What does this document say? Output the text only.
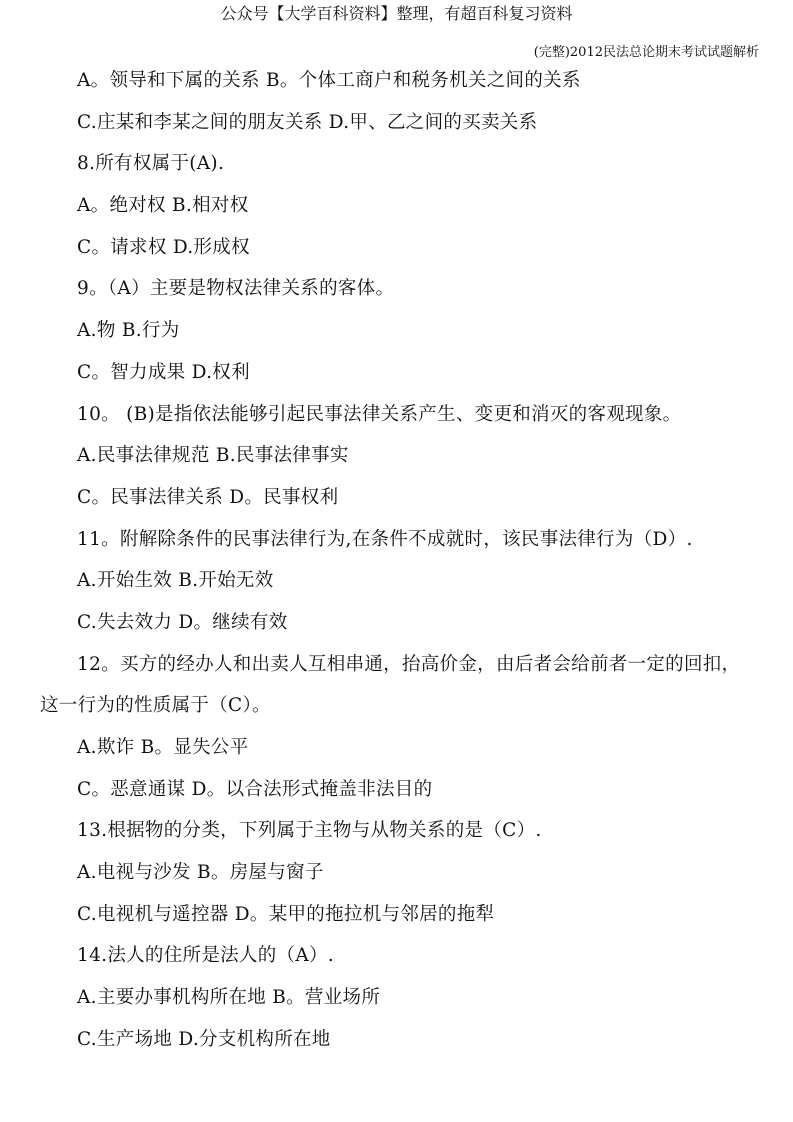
公众号【大学百科资料】整理，有超百科复习资料
(完整)2012民法总论期末考试试题解析
A。领导和下属的关系 B。个体工商户和税务机关之间的关系
C.庄某和李某之间的朋友关系 D.甲、乙之间的买卖关系
8.所有权属于(A).
A。绝对权 B.相对权
C。请求权 D.形成权
9。（A）主要是物权法律关系的客体。
A.物 B.行为
C。智力成果 D.权利
10。 (B)是指依法能够引起民事法律关系产生、变更和消灭的客观现象。
A.民事法律规范 B.民事法律事实
C。民事法律关系 D。民事权利
11。附解除条件的民事法律行为,在条件不成就时，该民事法律行为（D）.
A.开始生效 B.开始无效
C.失去效力 D。继续有效
12。买方的经办人和出卖人互相串通，抬高价金，由后者会给前者一定的回扣，
这一行为的性质属于（C）。
A.欺诈 B。显失公平
C。恶意通谋 D。以合法形式掩盖非法目的
13.根据物的分类，下列属于主物与从物关系的是（C）.
A.电视与沙发 B。房屋与窗子
C.电视机与遥控器 D。某甲的拖拉机与邻居的拖犁
14.法人的住所是法人的（A）.
A.主要办事机构所在地 B。营业场所
C.生产场地 D.分支机构所在地
